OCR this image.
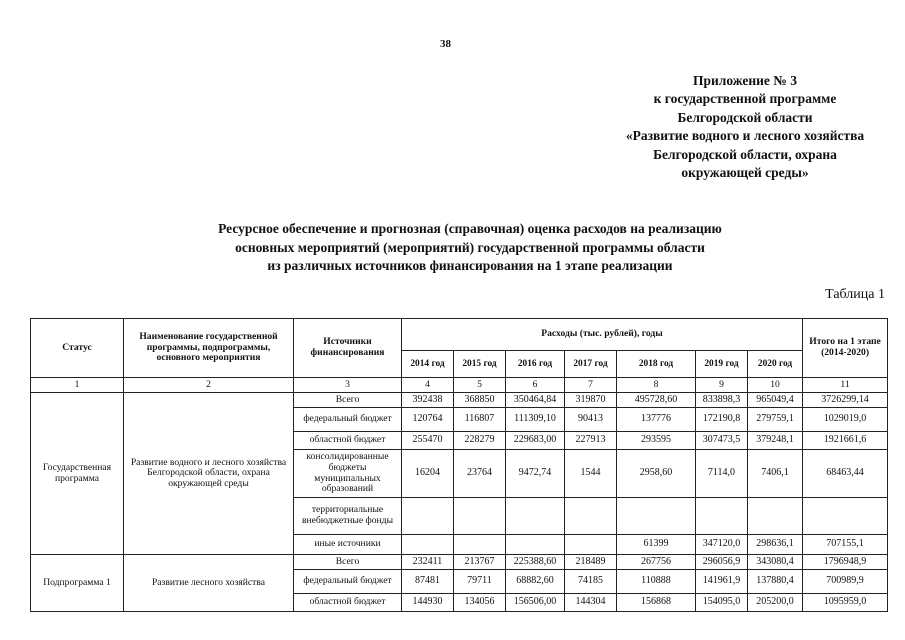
38
Приложение № 3
к государственной программе
Белгородской области
«Развитие водного и лесного хозяйства
Белгородской области, охрана
окружающей среды»
Ресурсное обеспечение и прогнозная (справочная) оценка расходов на реализацию
основных мероприятий (мероприятий) государственной программы области
из различных источников финансирования на 1 этапе реализации
Таблица 1
Статус	Наименование государственной программы, подпрограммы, основного мероприятия	Источники финансирования	Расходы (тыс. рублей), годы							Итого на 1 этапе (2014-2020)
			2014 год	2015 год	2016 год	2017 год	2018 год	2019 год	2020 год	
1	2	3	4	5	6	7	8	9	10	11
Государственная программа	Развитие водного и лесного хозяйства Белгородской области, охрана окружающей среды	Всего	392438	368850	350464,84	319870	495728,60	833898,3	965049,4	3726299,14
		федеральный бюджет	120764	116807	111309,10	90413	137776	172190,8	279759,1	1029019,0
		областной бюджет	255470	228279	229683,00	227913	293595	307473,5	379248,1	1921661,6
		консолидированные бюджеты муниципальных образований	16204	23764	9472,74	1544	2958,60	7114,0	7406,1	68463,44
		территориальные внебюджетные фонды								
		иные источники					61399	347120,0	298636,1	707155,1
Подпрограмма 1	Развитие лесного хозяйства	Всего	232411	213767	225388,60	218489	267756	296056,9	343080,4	1796948,9
		федеральный бюджет	87481	79711	68882,60	74185	110888	141961,9	137880,4	700989,9
		областной бюджет	144930	134056	156506,00	144304	156868	154095,0	205200,0	1095959,0
